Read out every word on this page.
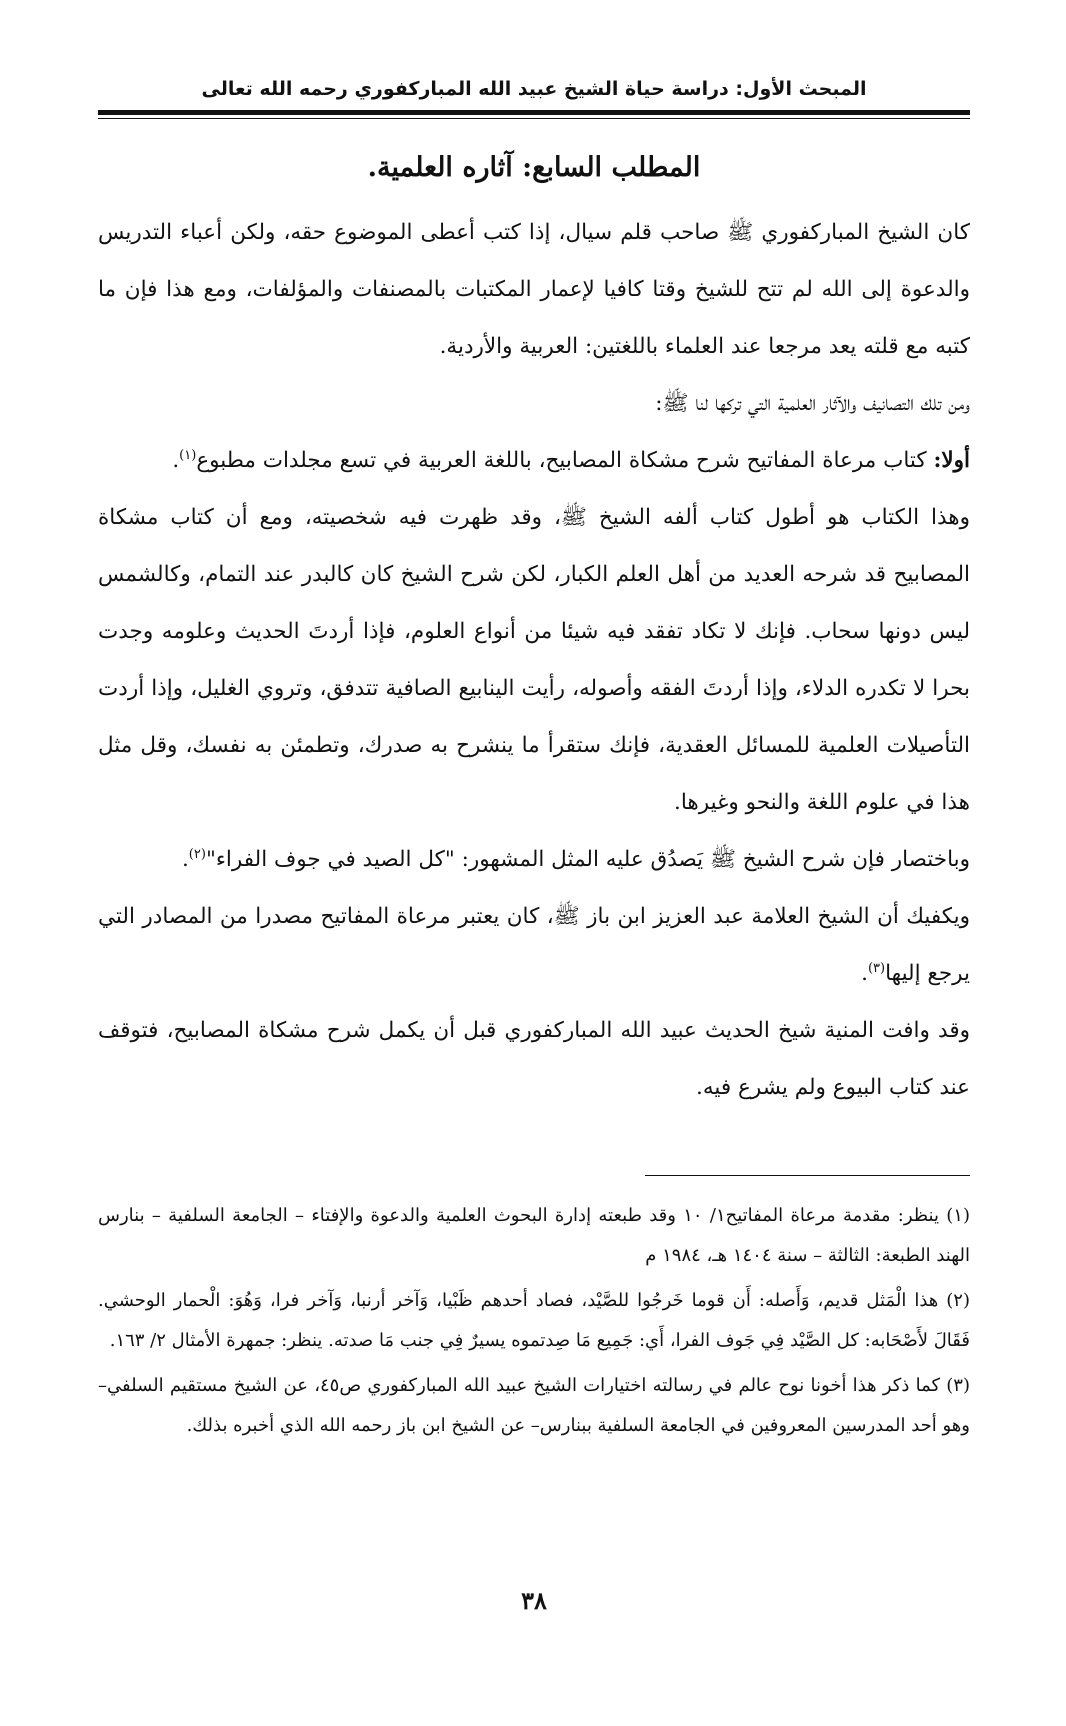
المبحث الأول: دراسة حياة الشيخ عبيد الله المباركفوري رحمه الله تعالى
المطلب السابع: آثاره العلمية.

كان الشيخ المباركفوري ﷺ صاحب قلم سيال، إذا كتب أعطى الموضوع حقه، ولكن أعباء التدريس والدعوة إلى الله لم تتح للشيخ وقتا كافيا لإعمار المكتبات بالمصنفات والمؤلفات، ومع هذا فإن ما كتبه مع قلته يعد مرجعا عند العلماء باللغتين: العربية والأردية.

ومن تلك التصانيف والآثار العلمية التي تركها لنا ﷺ:

أولا: كتاب مرعاة المفاتيح شرح مشكاة المصابيح، باللغة العربية في تسع مجلدات مطبوع$^{(١)}$.

وهذا الكتاب هو أطول كتاب ألفه الشيخ ﷺ، وقد ظهرت فيه شخصيته، ومع أن كتاب مشكاة المصابيح قد شرحه العديد من أهل العلم الكبار، لكن شرح الشيخ كان كالبدر عند التمام، وكالشمس ليس دونها سحاب. فإنك لا تكاد تفقد فيه شيئا من أنواع العلوم، فإذا أردتَ الحديث وعلومه وجدت بحرا لا تكدره الدلاء، وإذا أردتَ الفقه وأصوله، رأيت الينابيع الصافية تتدفق، وتروي الغليل، وإذا أردت التأصيلات العلمية للمسائل العقدية، فإنك ستقرأ ما ينشرح به صدرك، وتطمئن به نفسك، وقل مثل هذا في علوم اللغة والنحو وغيرها.

وباختصار فإن شرح الشيخ ﷺ يَصدُق عليه المثل المشهور: "كل الصيد في جوف الفراء"$^{(٢)}$.

ويكفيك أن الشيخ العلامة عبد العزيز ابن باز ﷺ، كان يعتبر مرعاة المفاتيح مصدرا من المصادر التي يرجع إليها$^{(٣)}$.

وقد وافت المنية شيخ الحديث عبيد الله المباركفوري قبل أن يكمل شرح مشكاة المصابيح، فتوقف عند كتاب البيوع ولم يشرع فيه.

(١) ينظر: مقدمة مرعاة المفاتيح١/ ١٠ وقد طبعته إدارة البحوث العلمية والدعوة والإفتاء – الجامعة السلفية – بنارس الهند الطبعة: الثالثة – سنة ١٤٠٤ هـ، ١٩٨٤ م

(٢) هذا الْمَثل قديم، وَأَصله: أَن قوما خَرجُوا للصَّيْد، فصاد أحدهم ظَبْيا، وَآخر أرنبا، وَآخر فرا، وَهُوَ: الْحمار الوحشي. فَقَالَ لأَصْحَابه: كل الصَّيْد فِي جَوف الفرا، أَي: جَمِيع مَا صِدتموه يسيرٌ فِي جنب مَا صدته. ينظر: جمهرة الأمثال ٢/ ١٦٣.

(٣) كما ذكر هذا أخونا نوح عالم في رسالته اختيارات الشيخ عبيد الله المباركفوري ص٤٥، عن الشيخ مستقيم السلفي–وهو أحد المدرسين المعروفين في الجامعة السلفية ببنارس– عن الشيخ ابن باز رحمه الله الذي أخبره بذلك.

٣٨
